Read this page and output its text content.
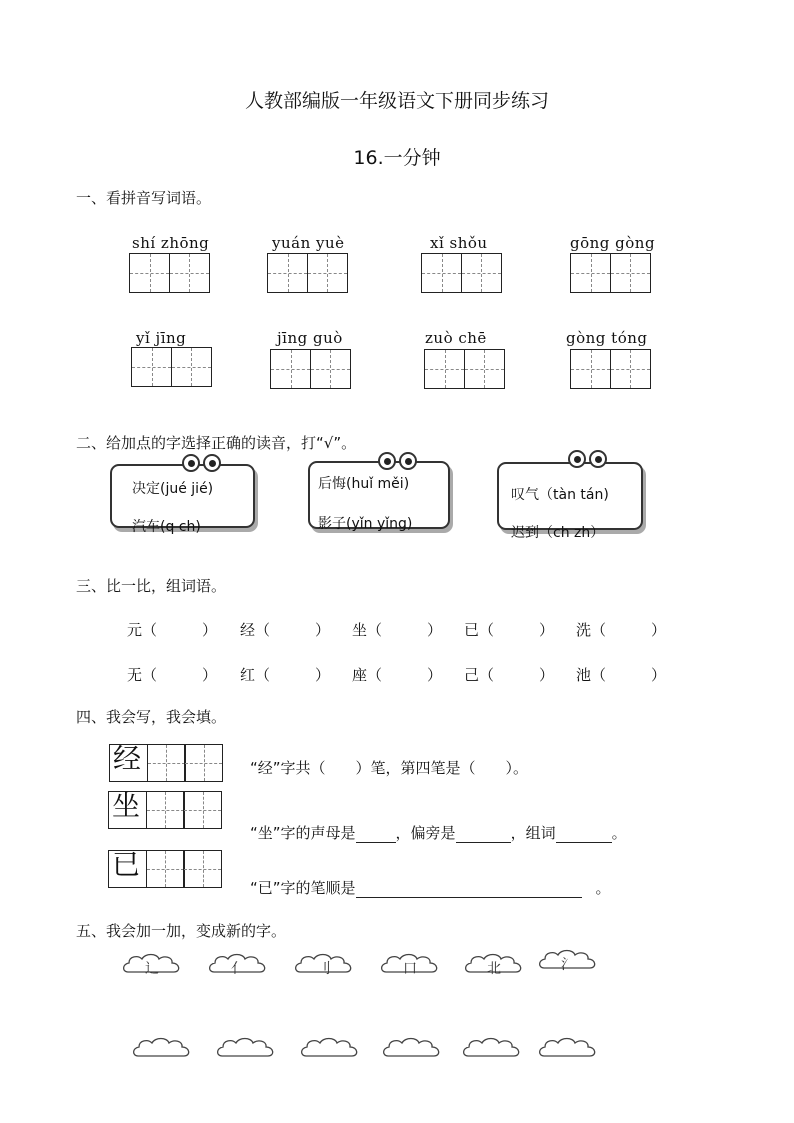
人教部编版一年级语文下册同步练习
16.一分钟
一、看拼音写词语。
shí zhōng	yuán yuè	xǐ shǒu	gōng gòng
yǐ jīng	jīng guò	zuò chē	gòng tóng
二、给加点的字选择正确的读音，打“√”。
决定(jué jié)
汽车(q ch)
后悔(huǐ měi)
影子(yǐn yǐng)
叹气（tàn tán)
迟到（ch zh）
三、比一比，组词语。
元（　　　） 经（　　　） 坐（　　　） 已（　　　） 洗（　　　）
无（　　　） 红（　　　） 座（　　　） 己（　　　） 池（　　　）
四、我会写，我会填。
经	“经”字共（　　）笔，第四笔是（　　）。
坐
“坐”字的声母是	，偏旁是	，组词	。
已
“已”字的笔顺是	。
五、我会加一加，变成新的字。
辶	亻	刂	口	北	氵
